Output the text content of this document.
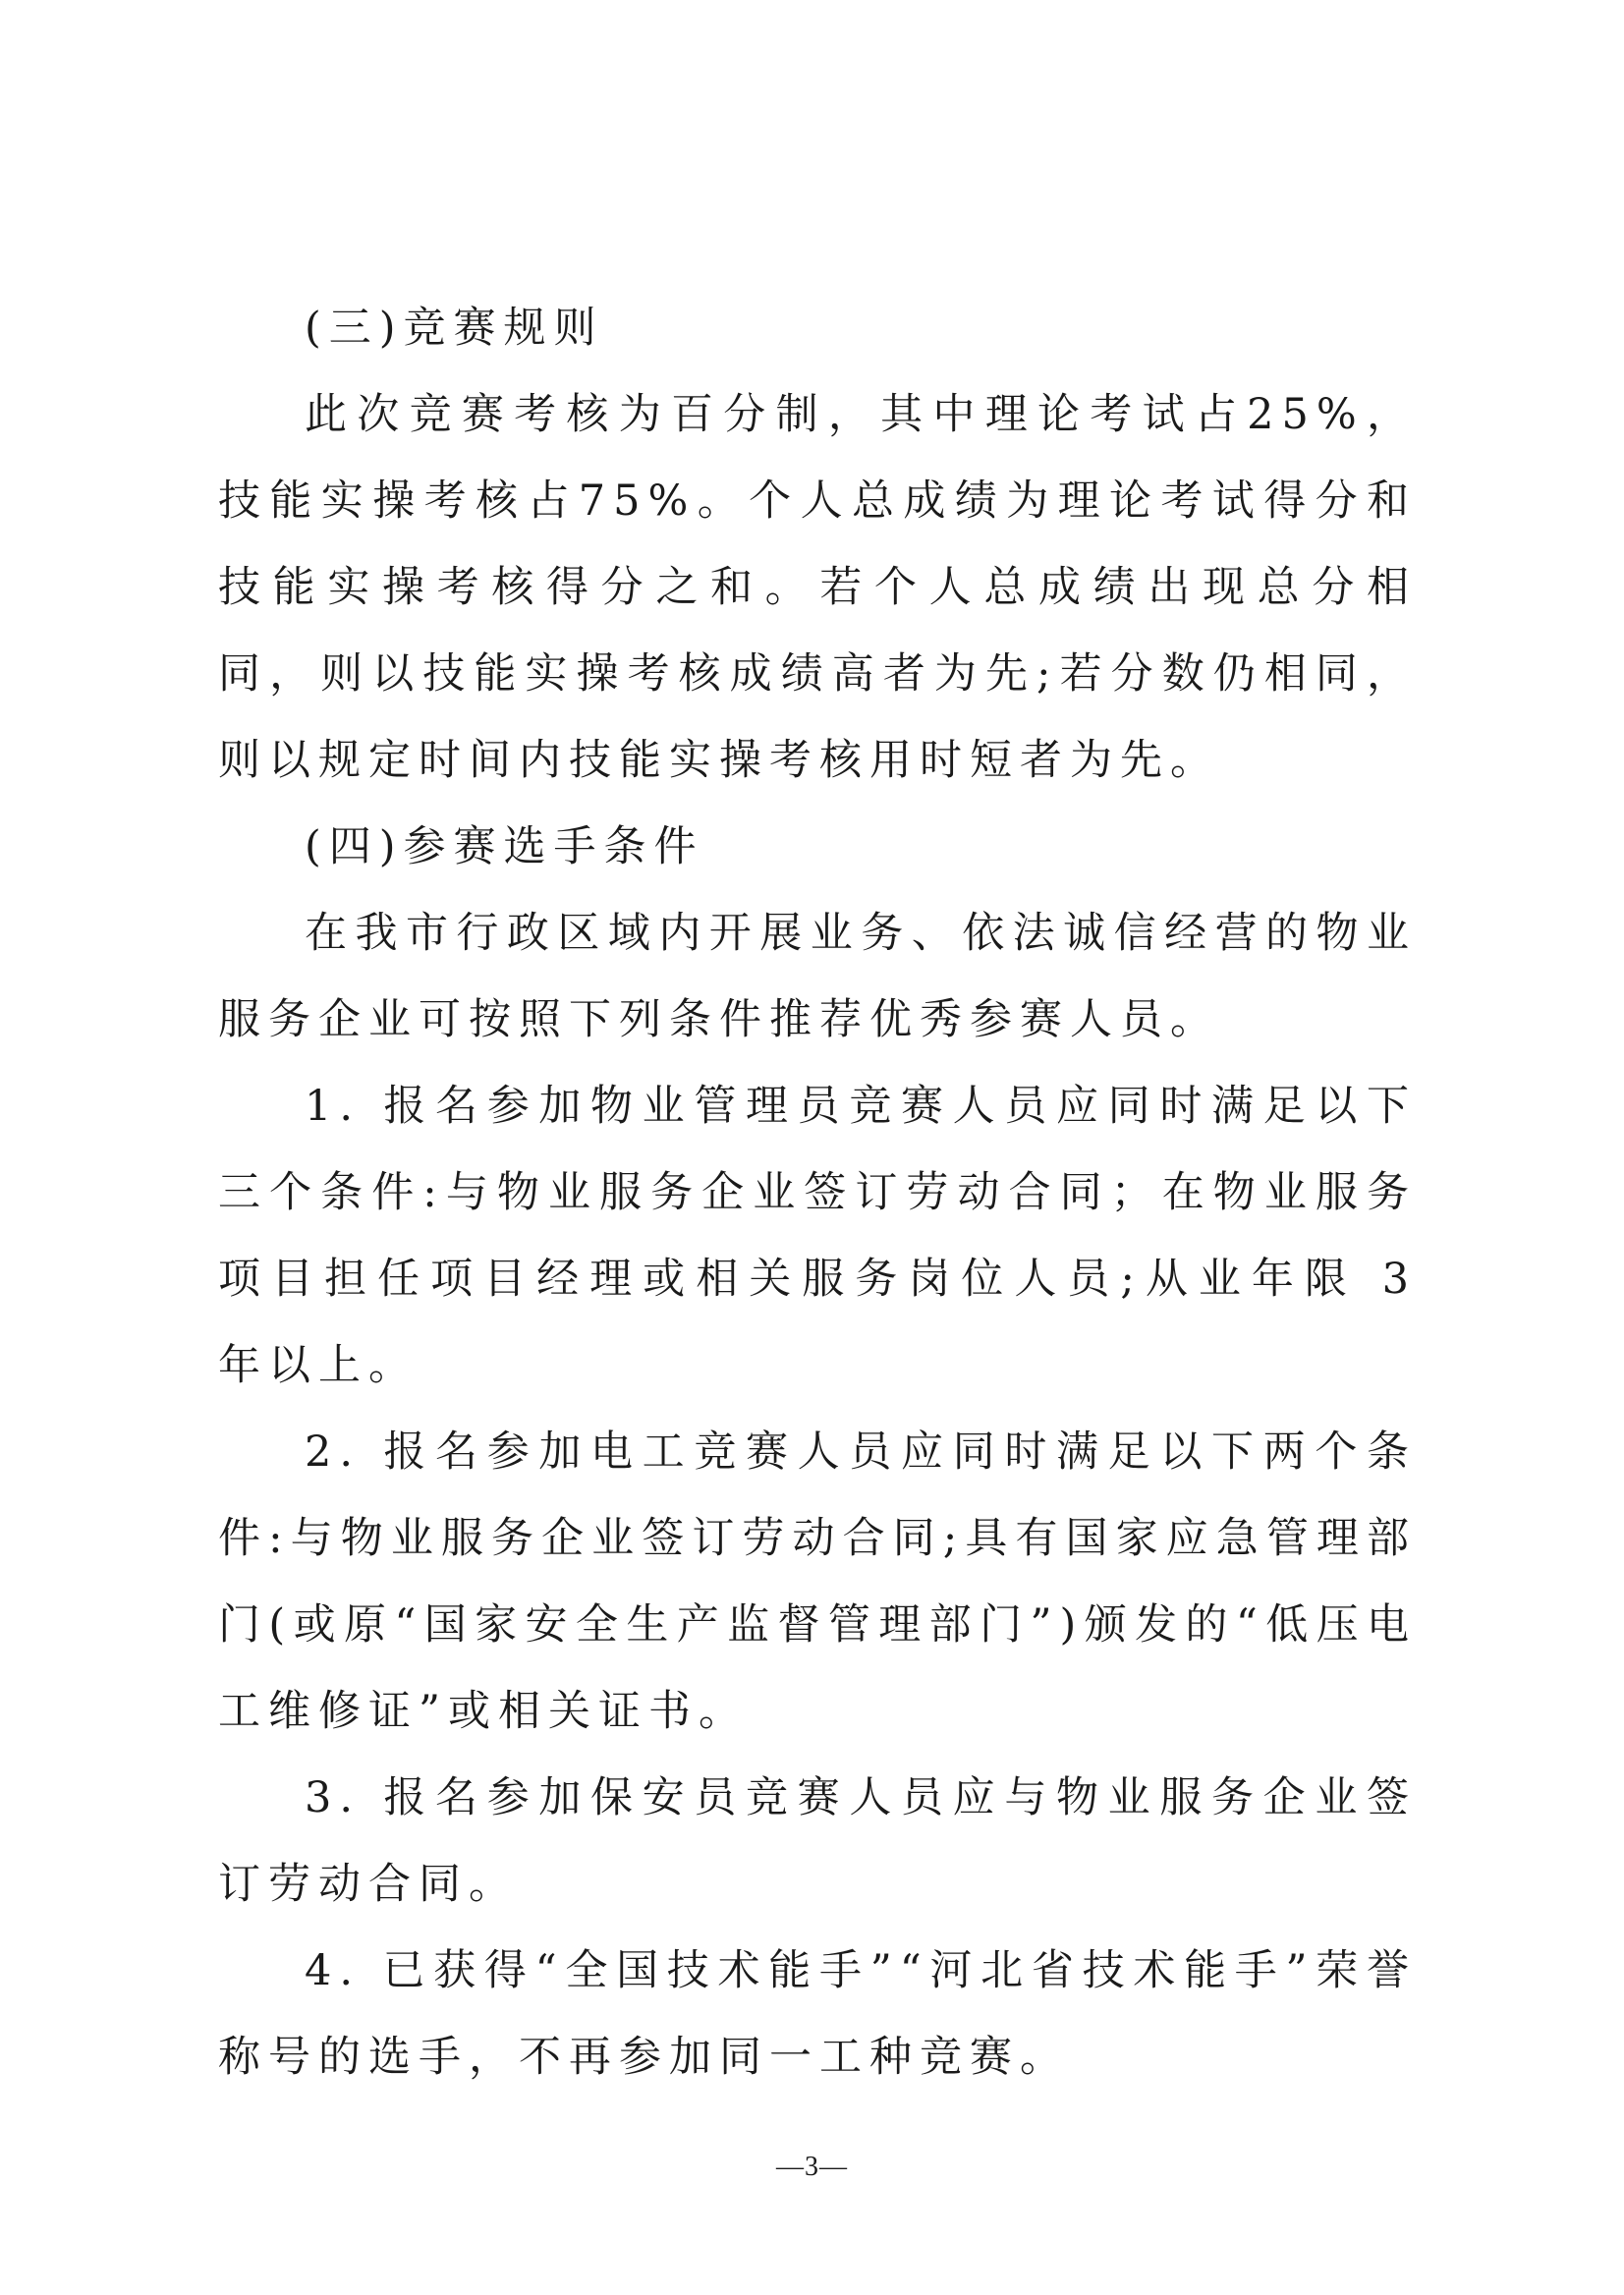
(三)竞赛规则

此次竞赛考核为百分制，其中理论考试占25%，技能实操考核占75%。个人总成绩为理论考试得分和技能实操考核得分之和。若个人总成绩出现总分相同，则以技能实操考核成绩高者为先;若分数仍相同，则以规定时间内技能实操考核用时短者为先。

(四)参赛选手条件

在我市行政区域内开展业务、依法诚信经营的物业服务企业可按照下列条件推荐优秀参赛人员。

1. 报名参加物业管理员竞赛人员应同时满足以下三个条件:与物业服务企业签订劳动合同；在物业服务项目担任项目经理或相关服务岗位人员;从业年限 3 年以上。

2. 报名参加电工竞赛人员应同时满足以下两个条件:与物业服务企业签订劳动合同;具有国家应急管理部门(或原“国家安全生产监督管理部门”)颁发的“低压电工维修证”或相关证书。

3. 报名参加保安员竞赛人员应与物业服务企业签订劳动合同。

4. 已获得“全国技术能手”“河北省技术能手”荣誉称号的选手，不再参加同一工种竞赛。

—3—
